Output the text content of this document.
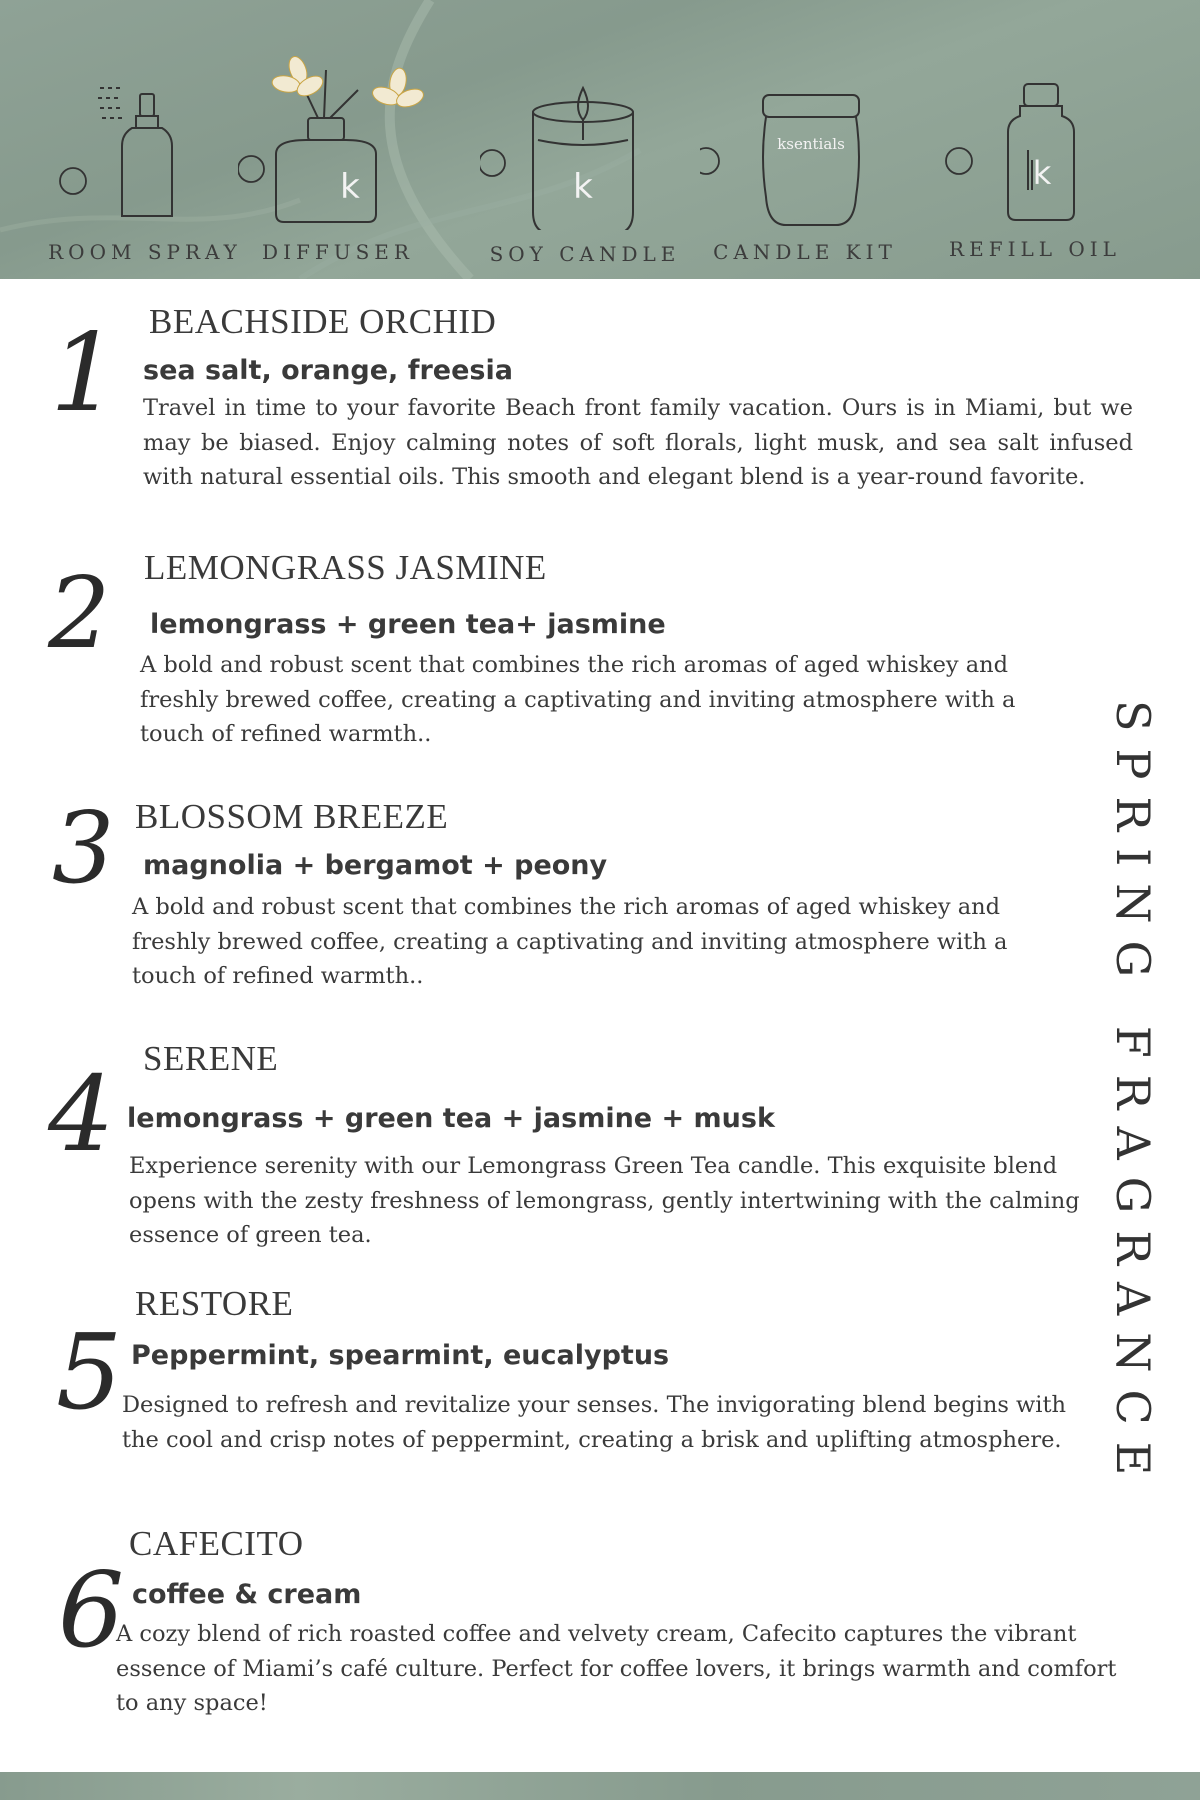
ROOM SPRAY
k
DIFFUSER
k
SOY CANDLE
ksentials
CANDLE KIT
k
REFILL OIL
1 BEACHSIDE ORCHID
sea salt, orange, freesia

Travel in time to your favorite Beach front family vacation. Ours is in Miami, but we may be biased. Enjoy calming notes of soft florals, light musk, and sea salt infused with natural essential oils. This smooth and elegant blend is a year-round favorite.

2 LEMONGRASS JASMINE
lemongrass + green tea+ jasmine

A bold and robust scent that combines the rich aromas of aged whiskey and freshly brewed coffee, creating a captivating and inviting atmosphere with a touch of refined warmth..

3 BLOSSOM BREEZE
magnolia + bergamot + peony

A bold and robust scent that combines the rich aromas of aged whiskey and freshly brewed coffee, creating a captivating and inviting atmosphere with a touch of refined warmth..

4 SERENE
lemongrass + green tea + jasmine + musk

Experience serenity with our Lemongrass Green Tea candle. This exquisite blend opens with the zesty freshness of lemongrass, gently intertwining with the calming essence of green tea.

5
RESTORE
Peppermint, spearmint, eucalyptus

Designed to refresh and revitalize your senses. The invigorating blend begins with the cool and crisp notes of peppermint, creating a brisk and uplifting atmosphere.

6
CAFECITO
coffee & cream

A cozy blend of rich roasted coffee and velvety cream, Cafecito captures the vibrant essence of Miami’s café culture. Perfect for coffee lovers, it brings warmth and comfort to any space!

SPRING FRAGRANCE
